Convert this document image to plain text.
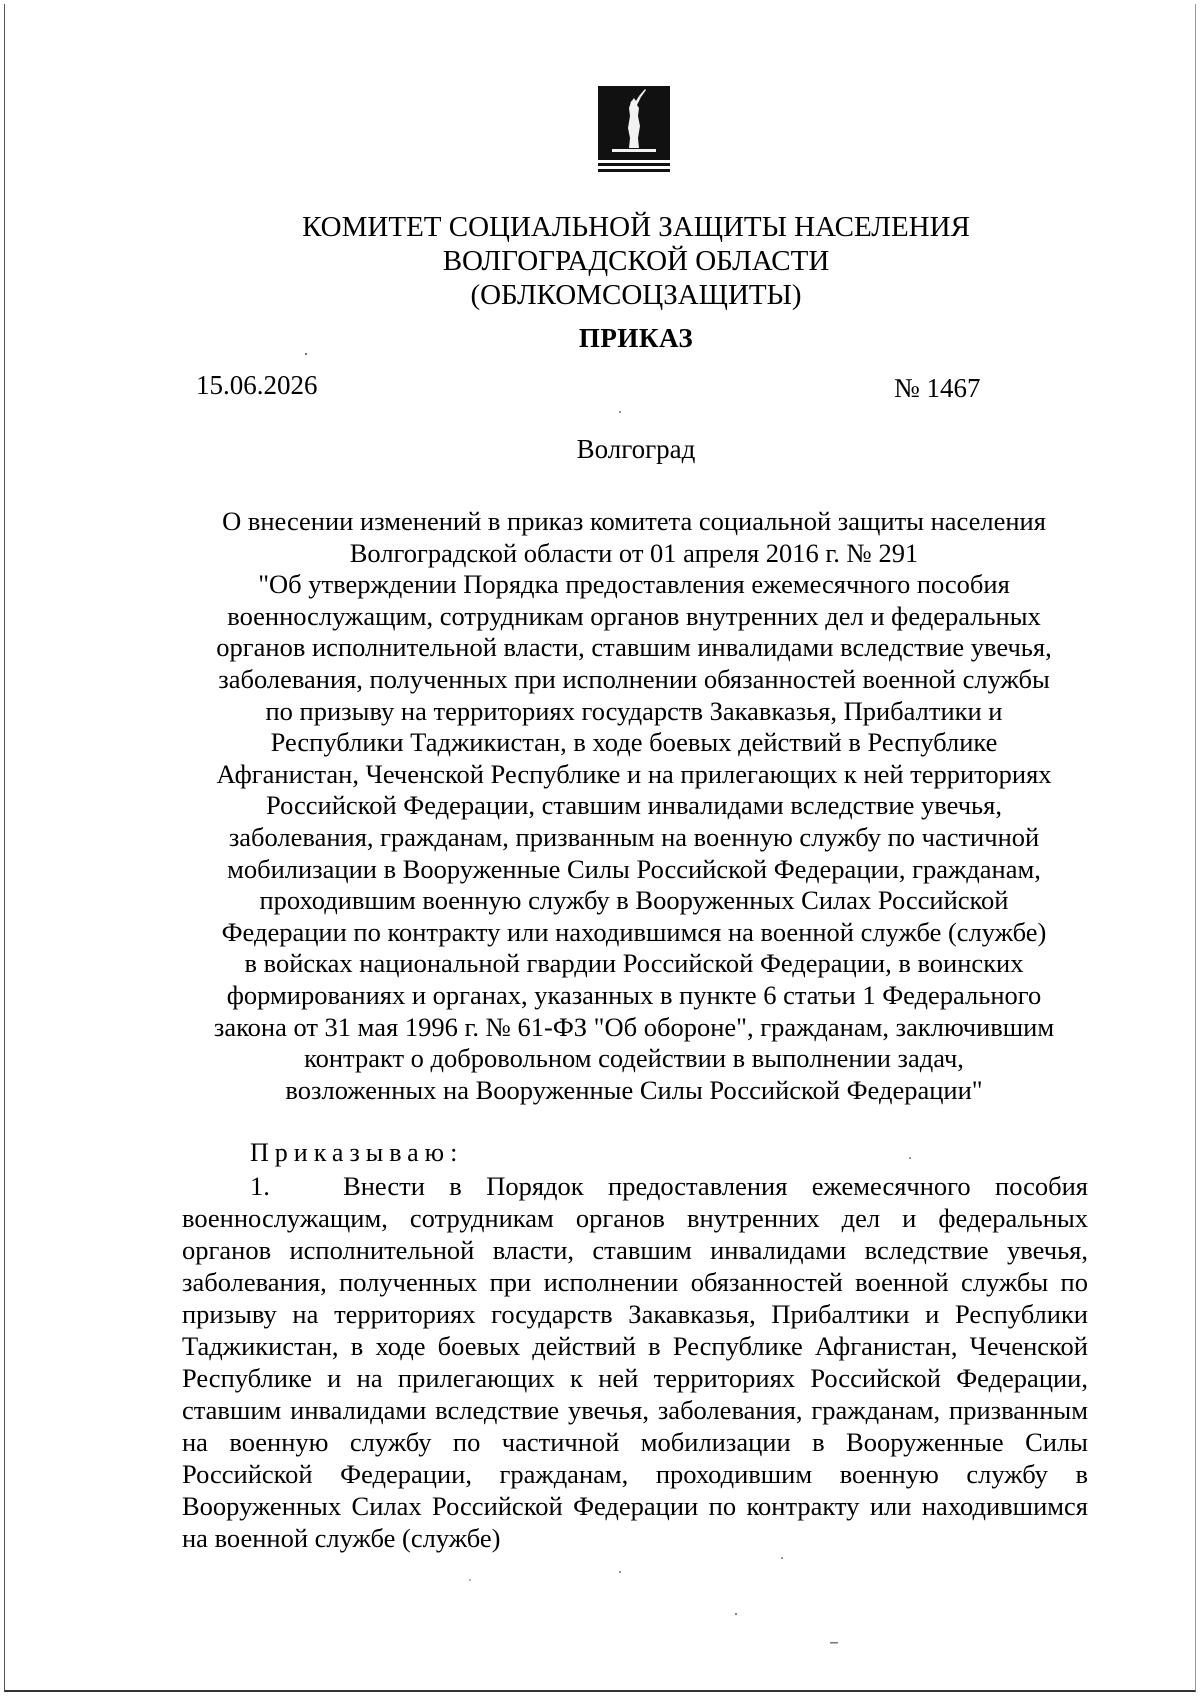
КОМИТЕТ СОЦИАЛЬНОЙ ЗАЩИТЫ НАСЕЛЕНИЯ
ВОЛГОГРАДСКОЙ ОБЛАСТИ
(ОБЛКОМСОЦЗАЩИТЫ)
ПРИКАЗ
15.06.2026	№ 1467
Волгоград
О внесении изменений в приказ комитета социальной защиты населения
Волгоградской области от 01 апреля 2016 г. № 291
"Об утверждении Порядка предоставления ежемесячного пособия
военнослужащим, сотрудникам органов внутренних дел и федеральных
органов исполнительной власти, ставшим инвалидами вследствие увечья,
заболевания, полученных при исполнении обязанностей военной службы
по призыву на территориях государств Закавказья, Прибалтики и
Республики Таджикистан, в ходе боевых действий в Республике
Афганистан, Чеченской Республике и на прилегающих к ней территориях
Российской Федерации, ставшим инвалидами вследствие увечья,
заболевания, гражданам, призванным на военную службу по частичной
мобилизации в Вооруженные Силы Российской Федерации, гражданам,
проходившим военную службу в Вооруженных Силах Российской
Федерации по контракту или находившимся на военной службе (службе)
в войсках национальной гвардии Российской Федерации, в воинских
формированиях и органах, указанных в пункте 6 статьи 1 Федерального
закона от 31 мая 1996 г. № 61-ФЗ "Об обороне", гражданам, заключившим
контракт о добровольном содействии в выполнении задач,
возложенных на Вооруженные Силы Российской Федерации"
Приказываю:
1.   Внести в Порядок предоставления ежемесячного пособия военнослужащим, сотрудникам органов внутренних дел и федеральных органов исполнительной власти, ставшим инвалидами вследствие увечья, заболевания, полученных при исполнении обязанностей военной службы по призыву на территориях государств Закавказья, Прибалтики и Республики Таджикистан, в ходе боевых действий в Республике Афганистан, Чеченской Республике и на прилегающих к ней территориях Российской Федерации, ставшим инвалидами вследствие увечья, заболевания, гражданам, призванным на военную службу по частичной мобилизации в Вооруженные Силы Российской Федерации, гражданам, проходившим военную службу в Вооруженных Силах Российской Федерации по контракту или находившимся на военной службе (службе)
